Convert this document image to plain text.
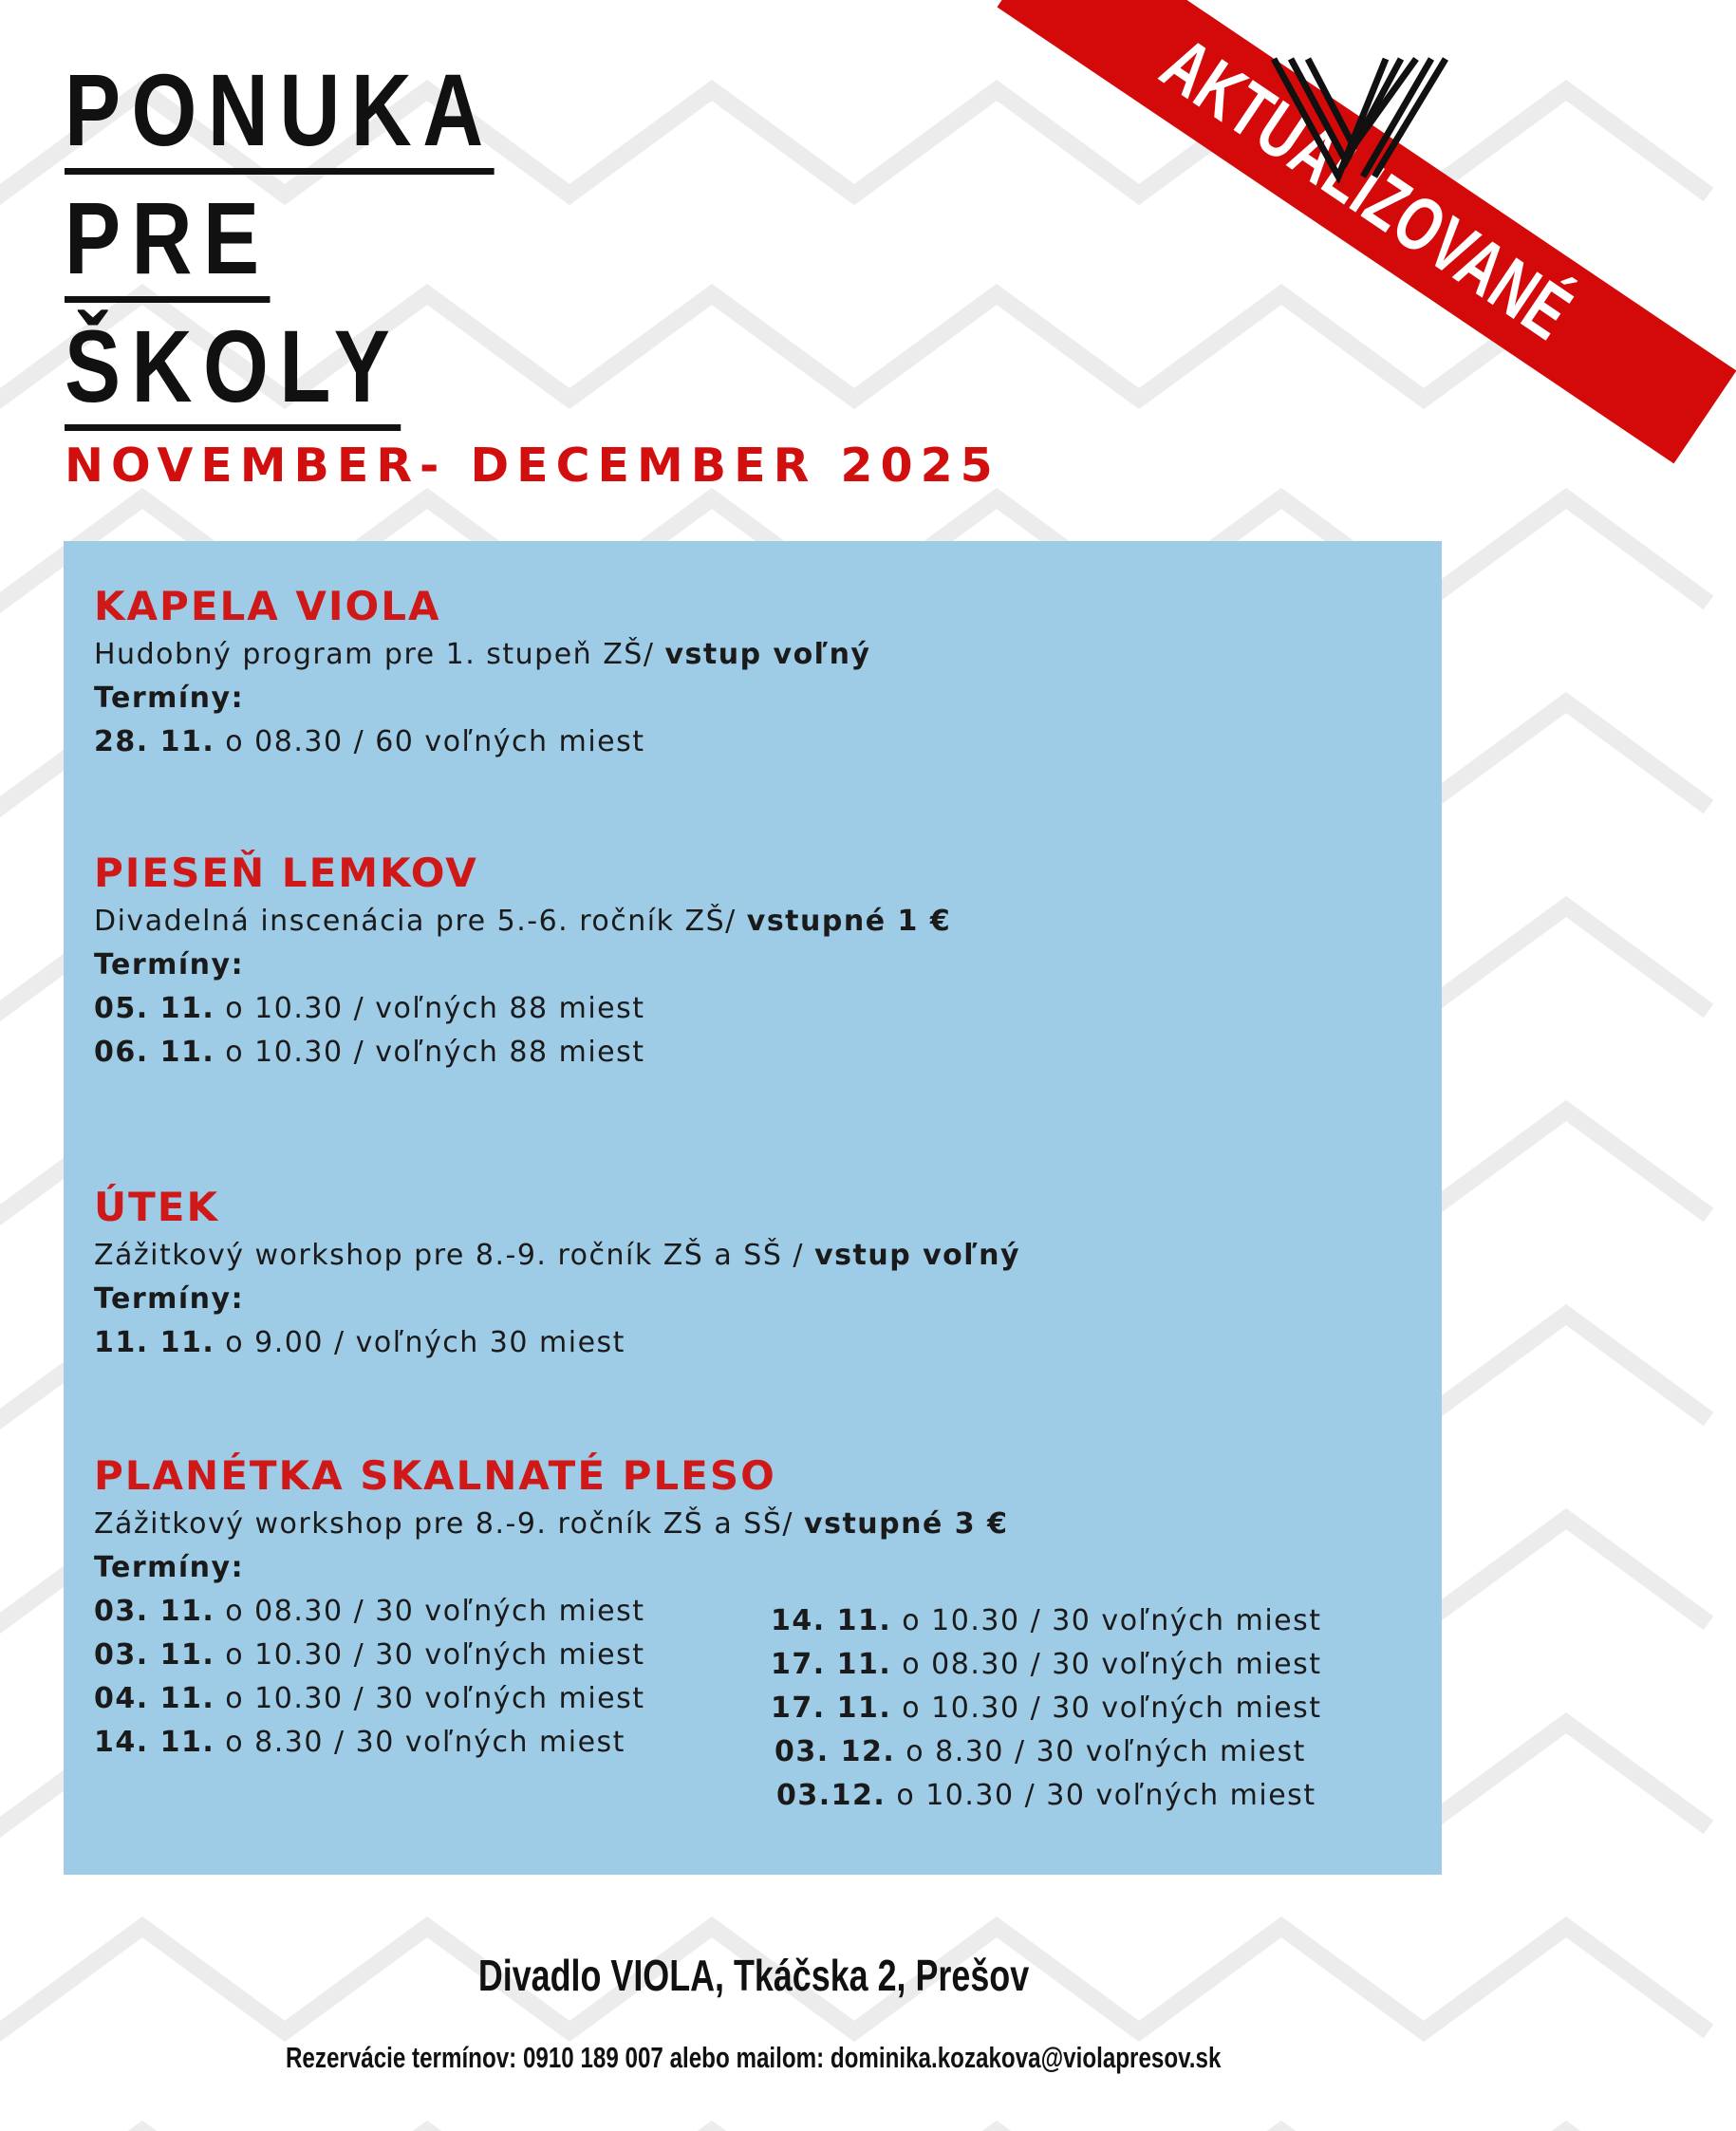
PONUKA
PRE
ŠKOLY
AKTUALIZOVANÉ
NOVEMBER- DECEMBER 2025
KAPELA VIOLA
Hudobný program pre 1. stupeň ZŠ/ vstup voľný
Termíny:
28. 11. o 08.30 / 60 voľných miest
PIESEŇ LEMKOV
Divadelná inscenácia pre 5.-6. ročník ZŠ/ vstupné 1 €
Termíny:
05. 11. o 10.30 / voľných 88 miest
06. 11. o 10.30 / voľných 88 miest
ÚTEK
Zážitkový workshop pre 8.-9. ročník ZŠ a SŠ / vstup voľný
Termíny:
11. 11. o 9.00 / voľných 30 miest
PLANÉTKA SKALNATÉ PLESO
Zážitkový workshop pre 8.-9. ročník ZŠ a SŠ/ vstupné 3 €
Termíny:
03. 11. o 08.30 / 30 voľných miest
03. 11. o 10.30 / 30 voľných miest
04. 11. o 10.30 / 30 voľných miest
14. 11. o 8.30 / 30 voľných miest
14. 11. o 10.30 / 30 voľných miest
17. 11. o 08.30 / 30 voľných miest
17. 11. o 10.30 / 30 voľných miest
03. 12. o 8.30 / 30 voľných miest
03.12. o 10.30 / 30 voľných miest
Divadlo VIOLA, Tkáčska 2, Prešov
Rezervácie termínov: 0910 189 007 alebo mailom: dominika.kozakova@violapresov.sk
